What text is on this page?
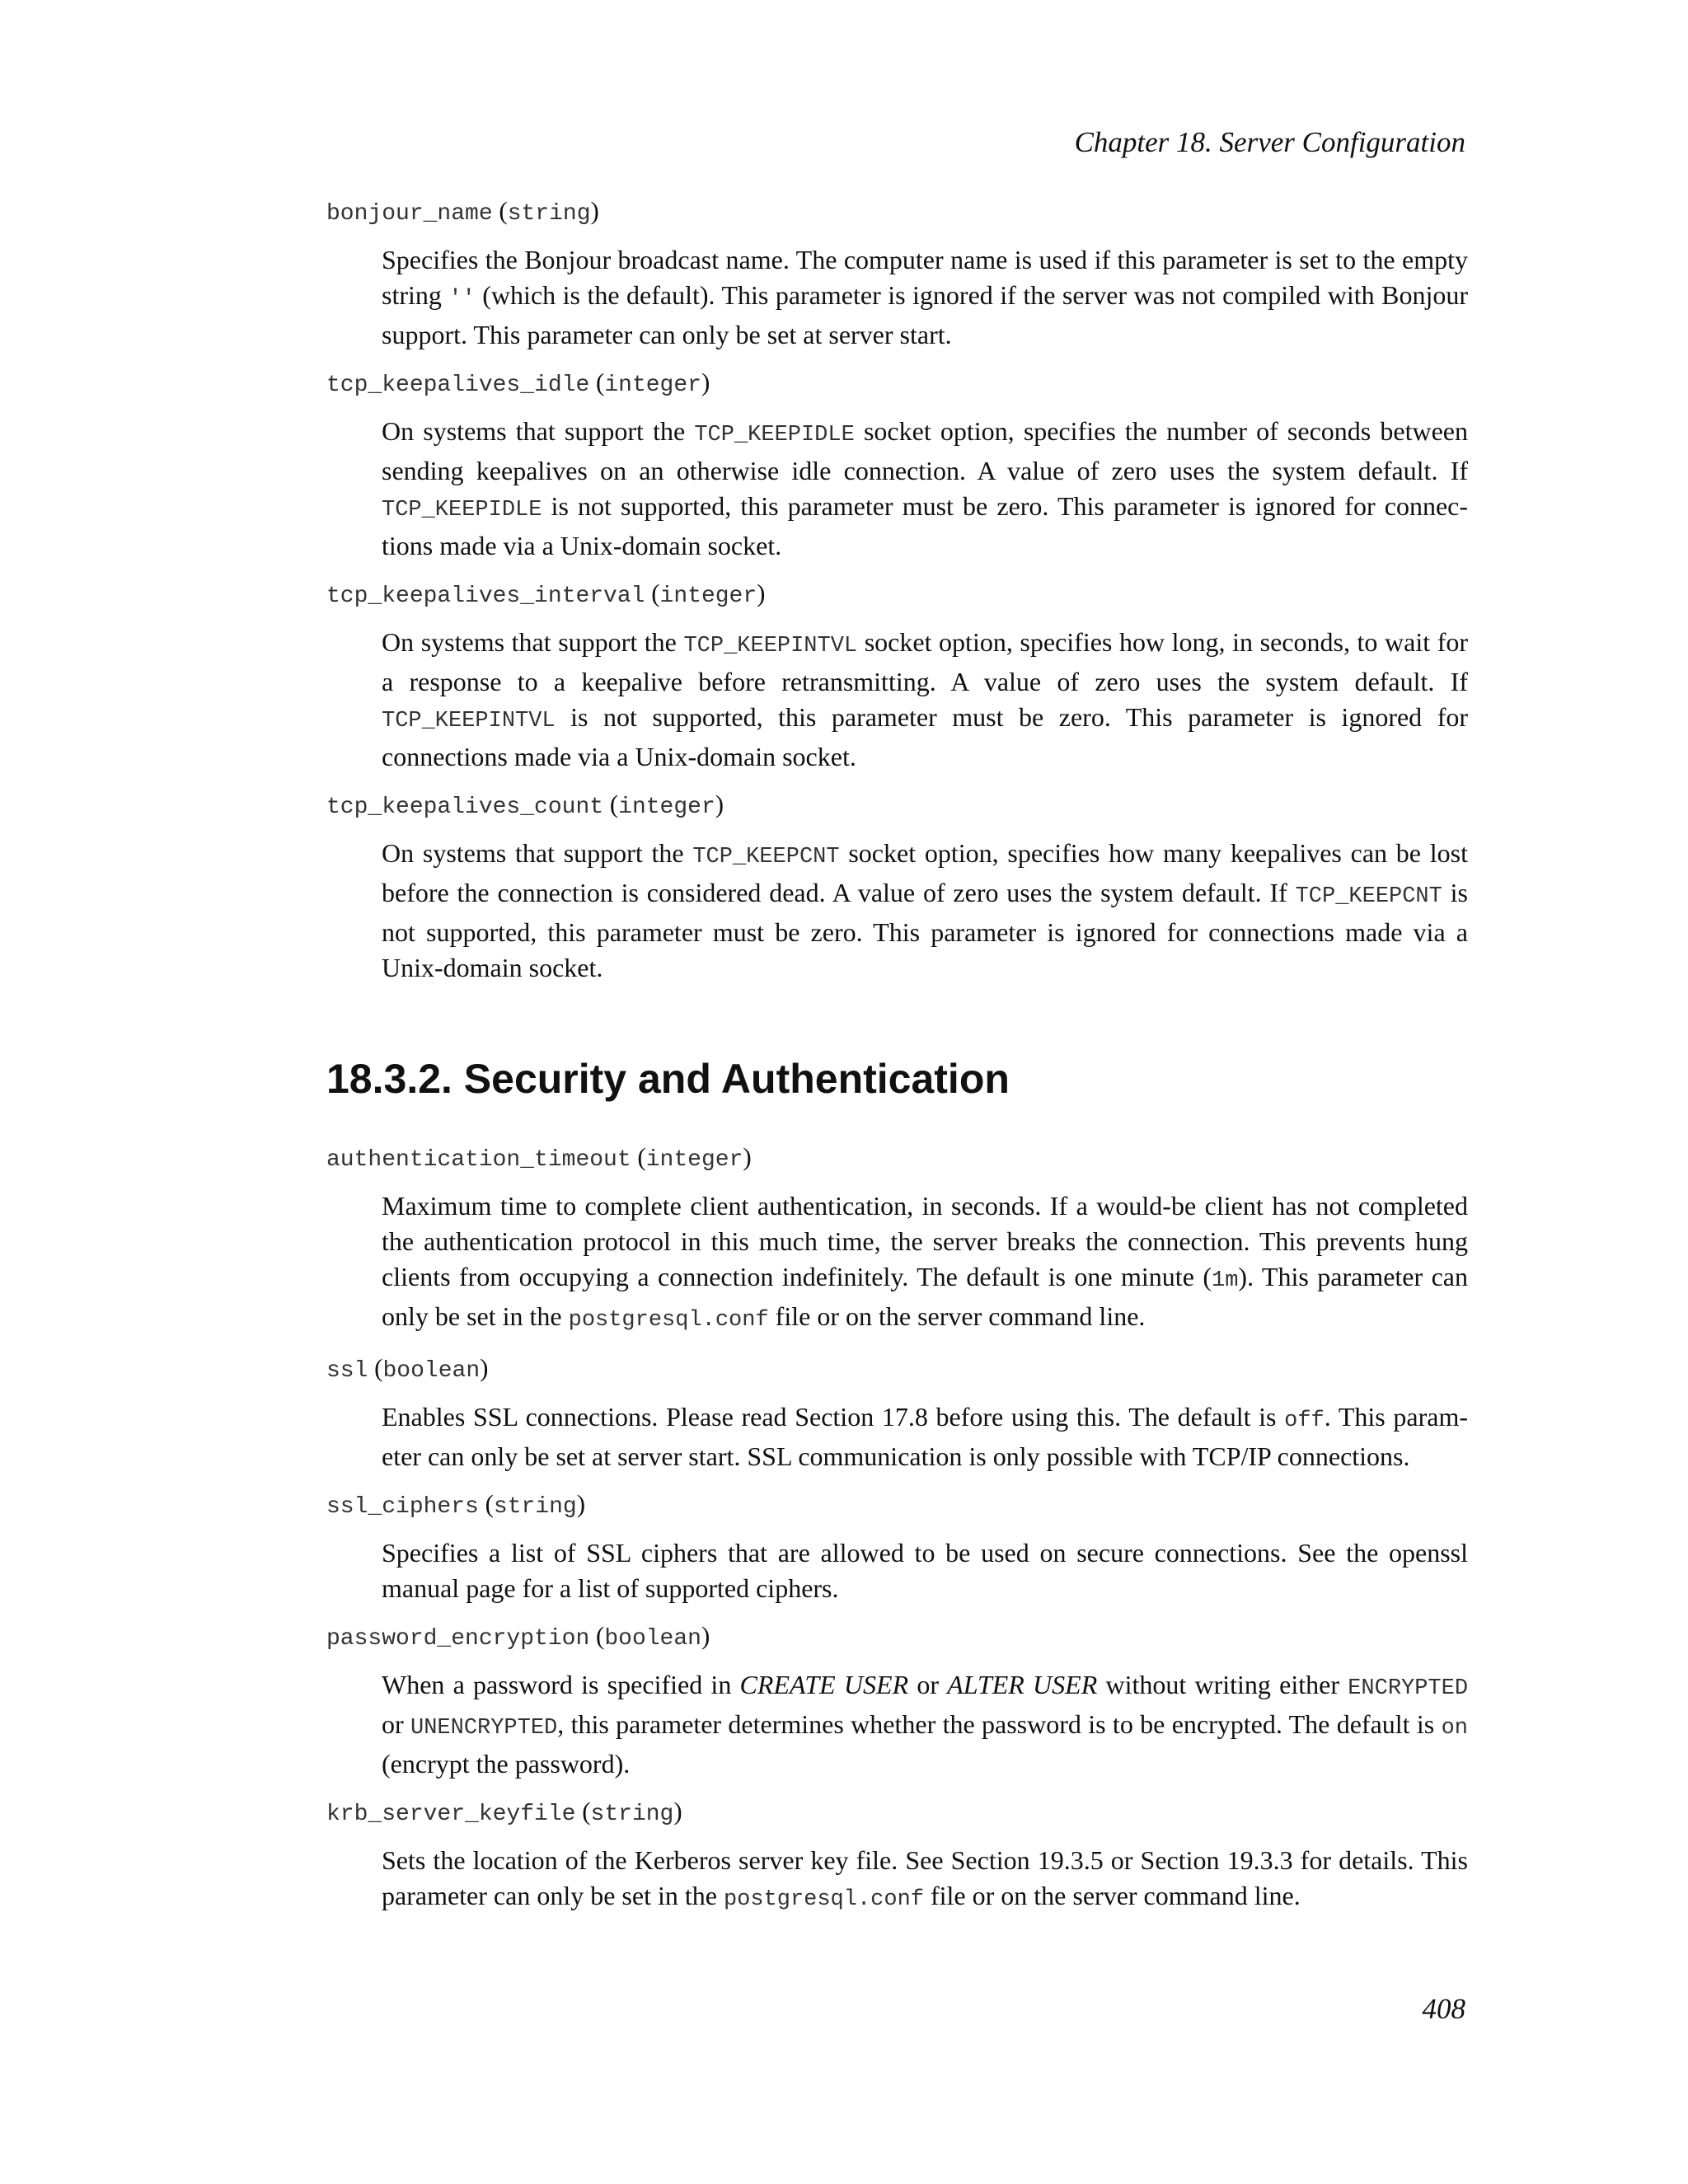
Chapter 18. Server Configuration
bonjour_name (string)
Specifies the Bonjour broadcast name. The computer name is used if this parameter is set to the empty string '' (which is the default). This parameter is ignored if the server was not compiled with Bonjour support. This parameter can only be set at server start.
tcp_keepalives_idle (integer)
On systems that support the TCP_KEEPIDLE socket option, specifies the number of seconds between sending keepalives on an otherwise idle connection. A value of zero uses the system default. If TCP_KEEPIDLE is not supported, this parameter must be zero. This parameter is ignored for connections made via a Unix-domain socket.
tcp_keepalives_interval (integer)
On systems that support the TCP_KEEPINTVL socket option, specifies how long, in seconds, to wait for a response to a keepalive before retransmitting. A value of zero uses the system default. If TCP_KEEPINTVL is not supported, this parameter must be zero. This parameter is ignored for connections made via a Unix-domain socket.
tcp_keepalives_count (integer)
On systems that support the TCP_KEEPCNT socket option, specifies how many keepalives can be lost before the connection is considered dead. A value of zero uses the system default. If TCP_KEEPCNT is not supported, this parameter must be zero. This parameter is ignored for connections made via a Unix-domain socket.
18.3.2. Security and Authentication
authentication_timeout (integer)
Maximum time to complete client authentication, in seconds. If a would-be client has not completed the authentication protocol in this much time, the server breaks the connection. This prevents hung clients from occupying a connection indefinitely. The default is one minute (1m). This parameter can only be set in the postgresql.conf file or on the server command line.
ssl (boolean)
Enables SSL connections. Please read Section 17.8 before using this. The default is off. This parameter can only be set at server start. SSL communication is only possible with TCP/IP connections.
ssl_ciphers (string)
Specifies a list of SSL ciphers that are allowed to be used on secure connections. See the openssl manual page for a list of supported ciphers.
password_encryption (boolean)
When a password is specified in CREATE USER or ALTER USER without writing either ENCRYPTED or UNENCRYPTED, this parameter determines whether the password is to be encrypted. The default is on (encrypt the password).
krb_server_keyfile (string)
Sets the location of the Kerberos server key file. See Section 19.3.5 or Section 19.3.3 for details. This parameter can only be set in the postgresql.conf file or on the server command line.
408
